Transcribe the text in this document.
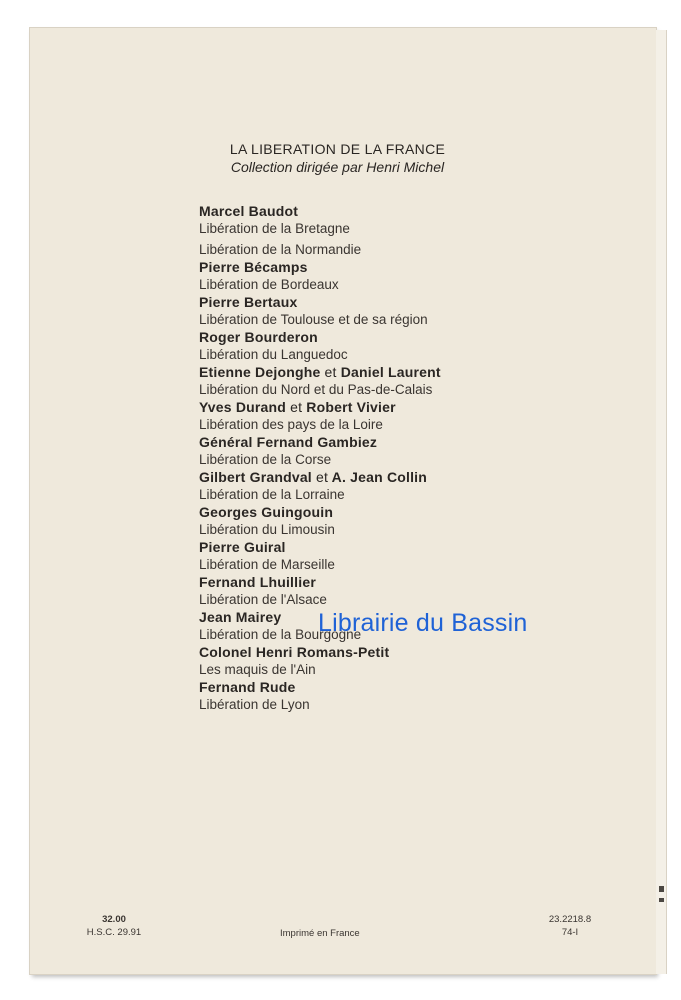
LA LIBERATION DE LA FRANCE
Collection dirigée par Henri Michel
Marcel Baudot
Libération de la Bretagne
Libération de la Normandie
Pierre Bécamps
Libération de Bordeaux
Pierre Bertaux
Libération de Toulouse et de sa région
Roger Bourderon
Libération du Languedoc
Etienne Dejonghe et Daniel Laurent
Libération du Nord et du Pas-de-Calais
Yves Durand et Robert Vivier
Libération des pays de la Loire
Général Fernand Gambiez
Libération de la Corse
Gilbert Grandval et A. Jean Collin
Libération de la Lorraine
Georges Guingouin
Libération du Limousin
Pierre Guiral
Libération de Marseille
Fernand Lhuillier
Libération de l'Alsace
Jean Mairey
Libération de la Bourgogne
Colonel Henri Romans-Petit
Les maquis de l'Ain
Fernand Rude
Libération de Lyon
Librairie du Bassin
32.00
H.S.C. 29.91	Imprimé en France
23.2218.8
74-I
